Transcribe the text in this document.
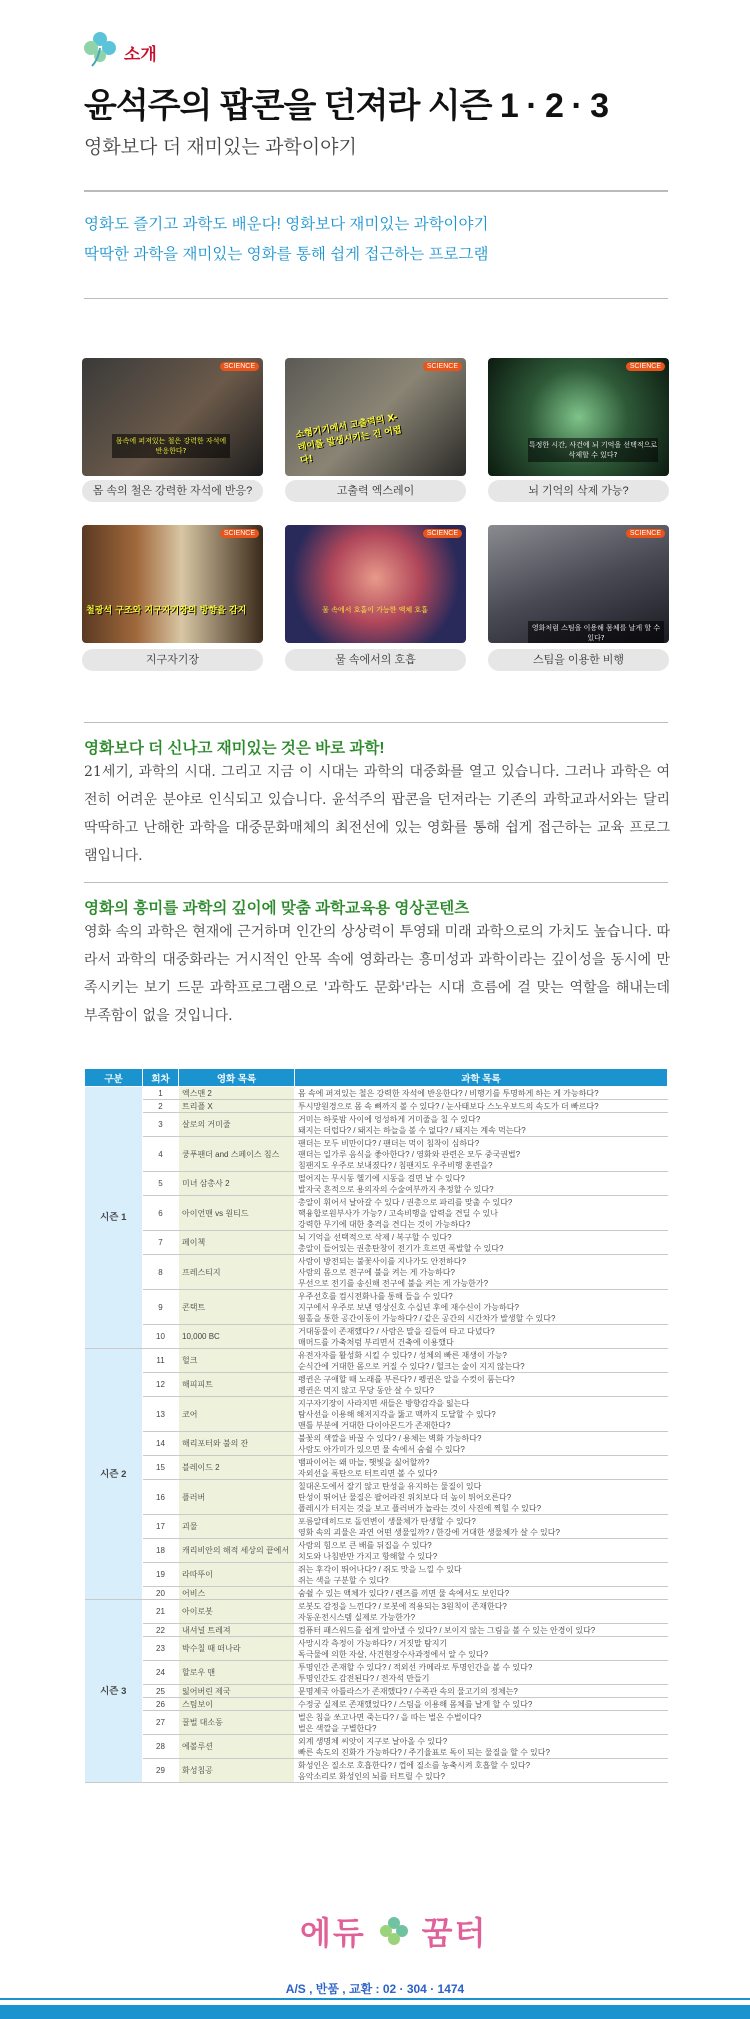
소개
윤석주의 팝콘을 던져라 시즌 1 · 2 · 3
영화보다 더 재미있는 과학이야기
영화도 즐기고 과학도 배운다! 영화보다 재미있는 과학이야기
딱딱한 과학을 재미있는 영화를 통해 쉽게 접근하는 프로그램
SCIENCE
몸속에 퍼져있는 철은 강력한 자석에 반응한다?
몸 속의 철은 강력한 자석에 반응?
SCIENCE
소형기기에서 고출력의 X-레이를 발생시키는 건 어렵다!
고출력 엑스레이
SCIENCE
특정한 시간, 사건에 뇌 기억을 선택적으로 삭제할 수 있다?
뇌 기억의 삭제 가능?
SCIENCE
철광석 구조와 지구자기장의 방향을 감지
지구자기장
SCIENCE
물 속에서 호흡이 가능한 액체 호흡
물 속에서의 호흡
SCIENCE
영화처럼 스팀을 이용해 몸체를 날게 할 수 있다?
스팀을 이용한 비행
영화보다 더 신나고 재미있는 것은 바로 과학!
21세기, 과학의 시대. 그리고 지금 이 시대는 과학의 대중화를 열고 있습니다. 그러나 과학은 여전히 어려운 분야로 인식되고 있습니다. 윤석주의 팝콘을 던져라는 기존의 과학교과서와는 달리 딱딱하고 난해한 과학을 대중문화매체의 최전선에 있는 영화를 통해 쉽게 접근하는 교육 프로그램입니다.
영화의 흥미를 과학의 깊이에 맞춤 과학교육용 영상콘텐츠
영화 속의 과학은 현재에 근거하며 인간의 상상력이 투영돼 미래 과학으로의 가치도 높습니다. 따라서 과학의 대중화라는 거시적인 안목 속에 영화라는 흥미성과 과학이라는 깊이성을 동시에 만족시키는 보기 드문 과학프로그램으로 '과학도 문화'라는 시대 흐름에 걸 맞는 역할을 해내는데 부족함이 없을 것입니다.
구분	회차	영화 목록	과학 목록
시즌 1	1	엑스맨 2	몸 속에 퍼져있는 철은 강력한 자석에 반응한다? / 비행기를 투명하게 하는 게 가능하다?

	2	트리플 X	투시망원경으로 몸 속 뼈까지 볼 수 있다? / 눈사태보다 스노우보드의 속도가 더 빠르다?

	3	살로의 거미줄	거미는 하룻밤 사이에 엉성하게 거미줄을 칠 수 있다?
돼지는 더럽다? / 돼지는 하늘을 볼 수 없다? / 돼지는 계속 먹는다?

	4	쿵푸팬더 and 스페이스 침스	팬더는 모두 비만이다? / 팬더는 먹이 침착이 심하다?
팬더는 일가루 음식을 좋아한다? / 영화와 관련은 모두 중국권법?
침팬지도 우주로 보내졌다? / 침팬지도 우주비행 훈련을?

	5	미녀 삼총사 2	떨어지는 무시동 헬기에 시동을 걸면 날 수 있다?
발자국 흔적으로 용의자의 수술여부까지 추정할 수 있다?

	6	아이언맨 vs 원티드	총알이 휘어서 날아갈 수 있다 / 권총으로 파리를 맞출 수 있다?
핵융합로원부사가 가능? / 고속비행을 압력을 견딜 수 있나
강력한 무기에 대한 충격을 견디는 것이 가능하다?

	7	페이첵	뇌 기억을 선택적으로 삭제 / 복구할 수 있다?
총알이 들어있는 권총탄창이 전기가 흐르면 폭발할 수 있다?

	8	프레스티지	사람이 방전되는 불꽃사이를 지나가도 안전하다?
사람의 몸으로 전구에 불을 켜는 게 가능하다?
무선으로 전기를 송신해 전구에 불을 켜는 게 가능한가?

	9	콘택트	우주선호를 컴시전화나를 통해 들을 수 있다?
지구에서 우주로 보낸 영상신호 수십년 후에 재수신이 가능하다?
웜홀을 통한 공간이동이 가능하다? / 같은 공간의 시간차가 발생할 수 있다?

	10	10,000 BC	거대동물이 존재했다? / 사람은 말을 길들여 타고 다녔다?
매머드를 가축처럼 부리면서 건축에 이용했다

시즌 2	11	헐크	유전자자를 활성화 시킬 수 있다? / 성체의 빠른 재생이 가능?
순식간에 거대한 몸으로 커질 수 있다? / 헐크는 술이 지지 않는다?

	12	해피피트	펭귄은 구애할 때 노래를 부른다? / 펭귄은 알을 수컷이 품는다?
펭귄은 먹지 않고 무당 동안 살 수 있다?

	13	코어	지구자기장이 사라지면 새들은 방향감각을 잃는다
탐사선을 이용해 해저지각을 뚫고 맥까지 도달할 수 있다?
맨틀 부분에 거대한 다이아몬드가 존재한다?

	14	해리포터와 불의 잔	불꽃의 색깔을 바꿀 수 있다? / 용체는 벽화 가능하다?
사람도 아가미가 있으면 물 속에서 숨쉴 수 있다?

	15	블레이드 2	뱀파이어는 왜 마늘, 햇빛을 싫어할까?
자외선을 폭탄으로 터트리면 볼 수 있다?

	16	플러버	칠대온도에서 잘기 않고 탄성을 유지하는 물질이 있다
탄성이 뛰어난 물질은 팔어라진 위치보다 더 높이 튀어오른다?
플레시가 터지는 것을 보고 플러버가 놀라는 것이 사진에 찍힐 수 있다?

	17	괴물	포름알데히드로 돌연변이 생물체가 탄생할 수 있다?
영화 속의 괴물은 과연 어떤 생물일까? / 한강에 거대한 생물체가 살 수 있다?

	18	캐리비안의 해적 세상의 끝에서	사람의 힘으로 큰 배를 뒤집을 수 있다?
치도와 나침반만 가지고 항해할 수 있다?

	19	라따뚜이	쥐는 후각이 뛰어나다? / 쥐도 맛을 느낄 수 있다
쥐는 색을 구분할 수 있다?

	20	어비스	숨쉴 수 있는 액체가 있다? / 렌즈를 끼면 물 속에서도 보인다?

시즌 3	21	아이로봇	로봇도 감정을 느낀다? / 로봇에 적용되는 3원칙이 존재한다?
자동운전시스템 실제로 가능한가?

	22	내셔널 트레져	컴퓨터 패스워드를 쉽게 알아낼 수 있다? / 보이지 않는 그림을 볼 수 있는 안경이 있다?

	23	박수칠 때 떠나라	사망시각 측정이 가능하다? / 거짓말 탐지기
독극물에 의한 자살, 사건현장수사과정에서 알 수 있다?

	24	할로우 맨	투명인간 존재할 수 있다? / 적외선 카메라로 투명인간을 볼 수 있다?
투명인간도 감전된다? / 전자석 만들기

	25	잃어버린 제국	문명제국 아틀라스가 존재했다? / 수족관 속의 물고기의 정체는?

	26	스팀보이	수정궁 실제로 존재했었다? / 스팀을 이용해 몸체를 날게 할 수 있다?

	27	꿀벌 대소동	벌은 침을 쏘고나면 죽는다? / 을 따는 벌은 수벌이다?
벌은 색깔을 구별한다?

	28	에볼루션	외계 생명체 씨앗이 지구로 날아올 수 있다?
빠른 속도의 진화가 가능하다? / 주기율표로 독이 되는 물질을 할 수 있다?

	29	화성침공	화성인은 질소로 호흡한다? / 껍에 질소를 농축시켜 호흡할 수 있다?
음악소리로 화성인의 뇌를 터트릴 수 있다?
에듀 꿈터
A/S , 반품 , 교환 : 02 · 304 · 1474
